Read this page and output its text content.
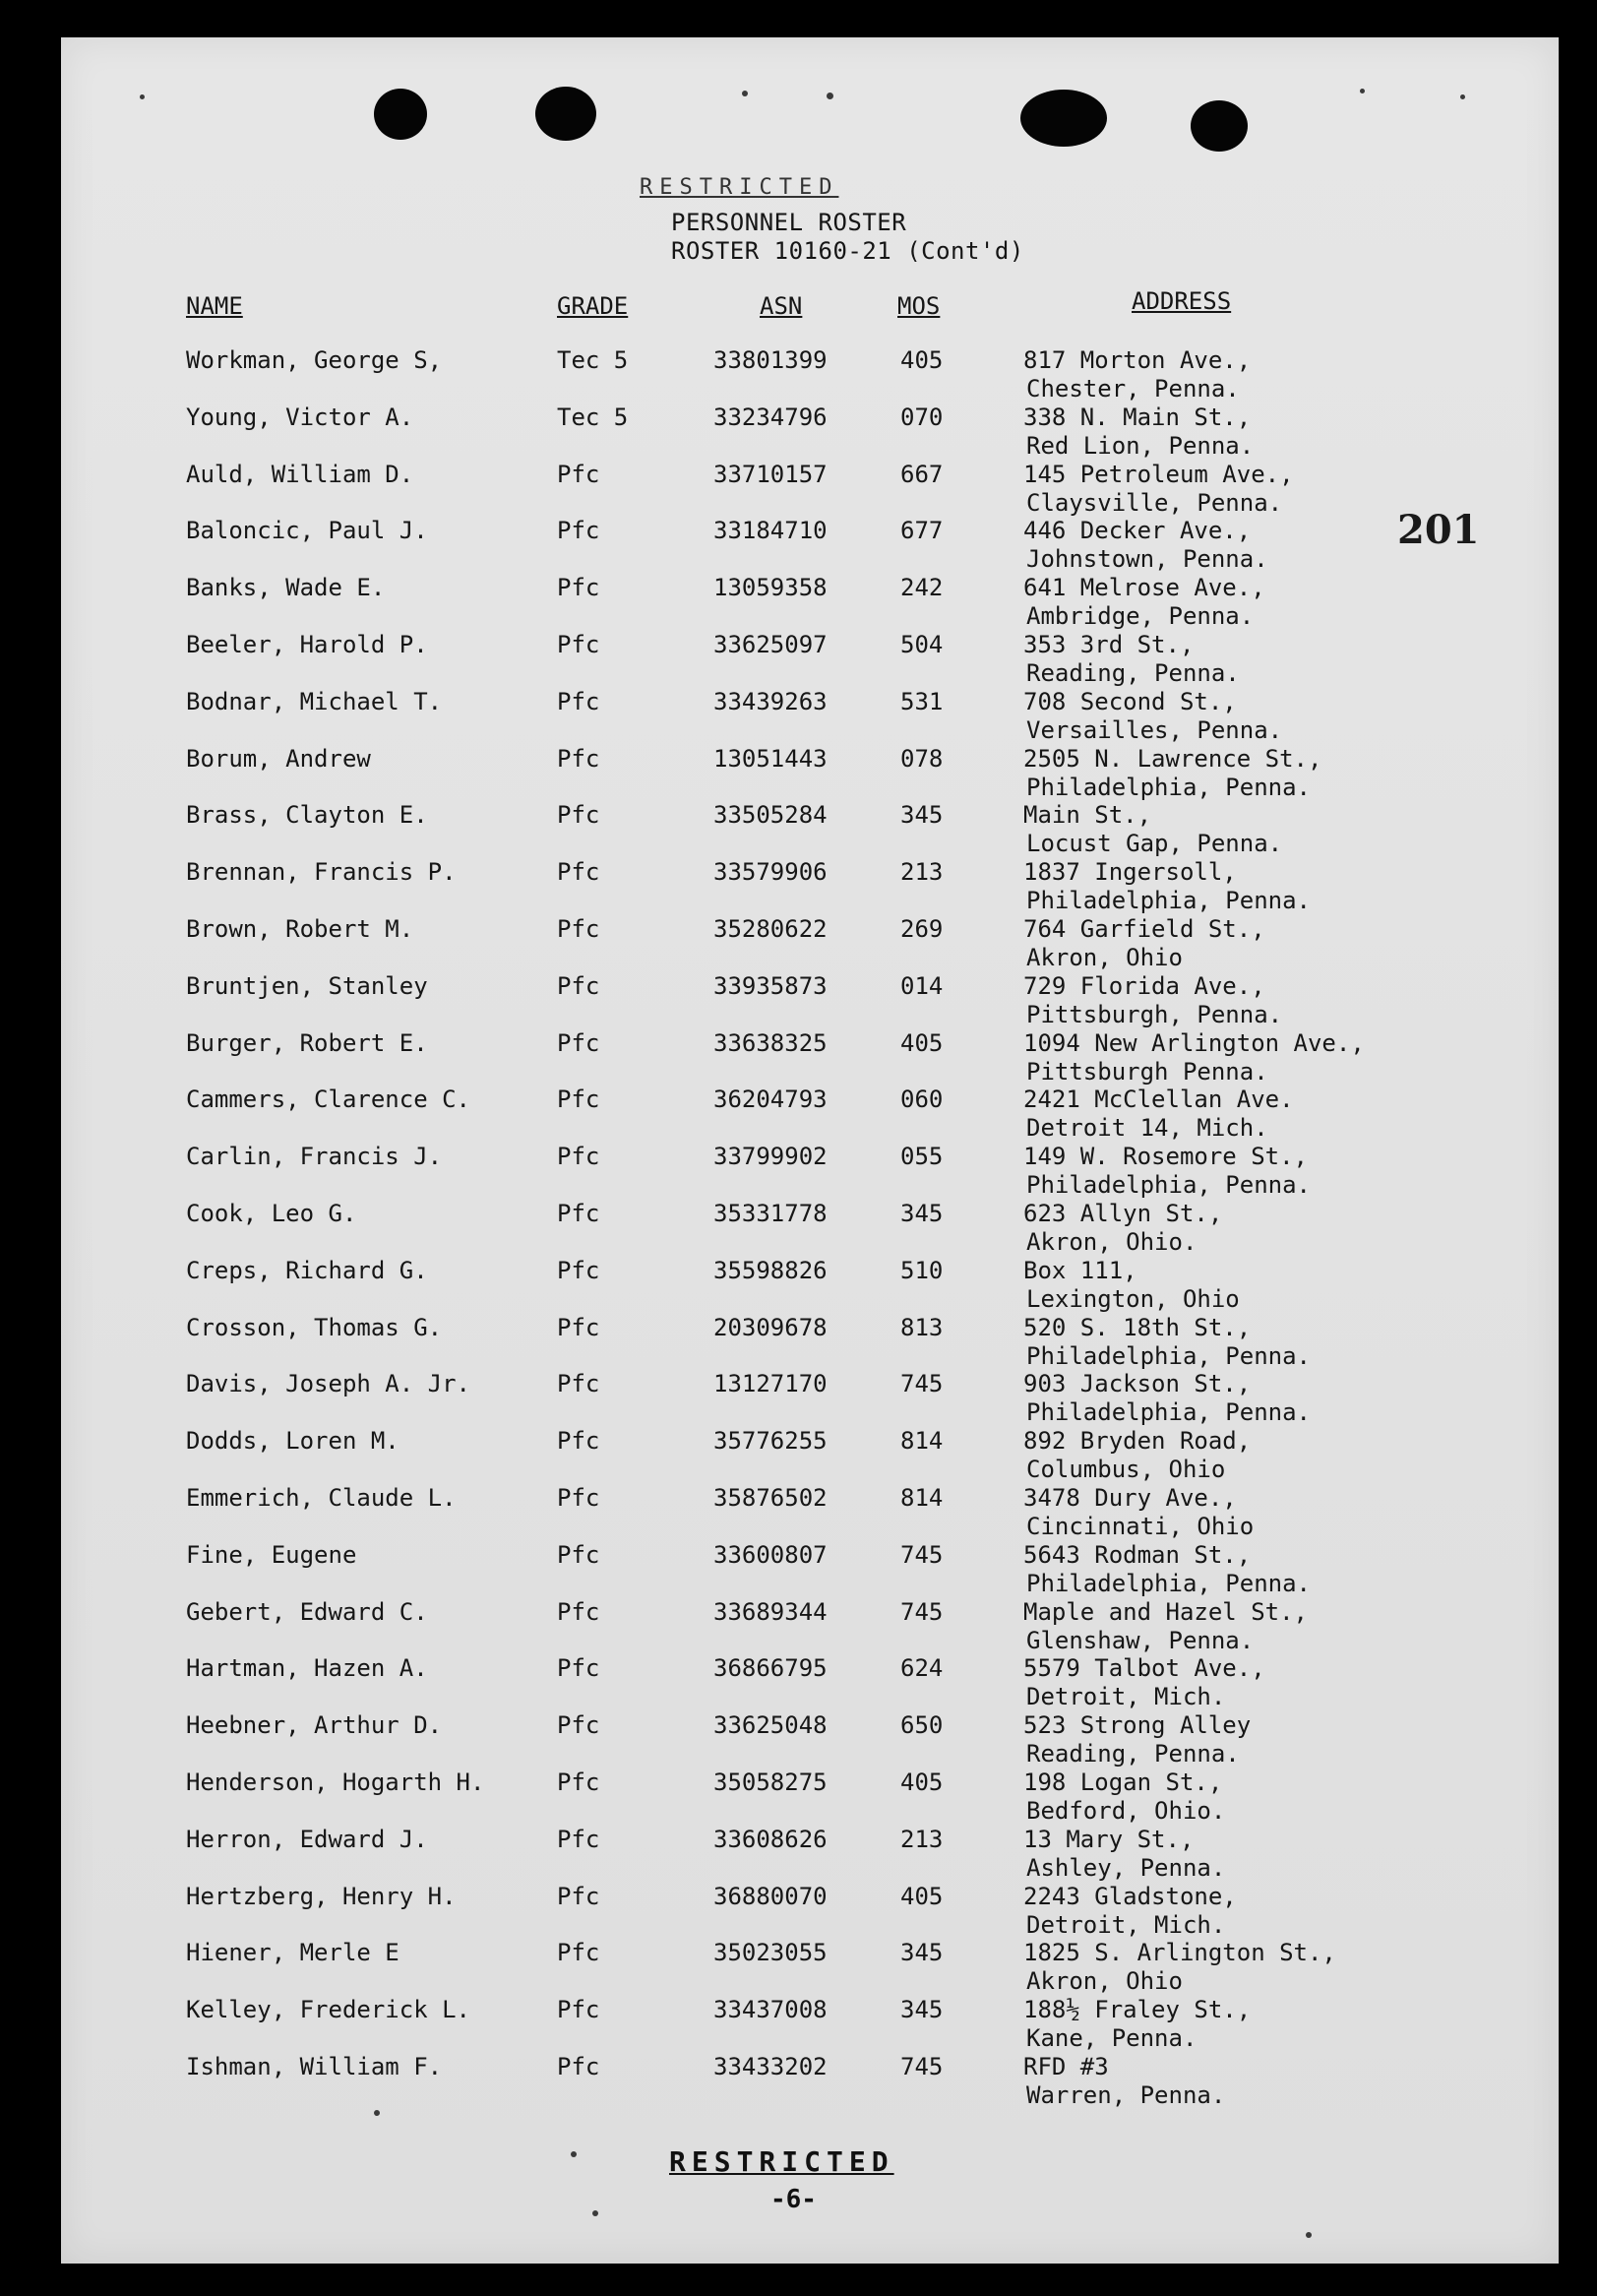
RESTRICTED
PERSONNEL ROSTER
ROSTER 10160-21 (Cont'd)
NAME	GRADE	ASN	MOS	ADDRESS
201
Workman, George S,	Tec 5	33801399	405	817 Morton Ave.,
Chester, Penna.
Young, Victor A.	Tec 5	33234796	070	338 N. Main St.,
Red Lion, Penna.
Auld, William D.	Pfc	33710157	667	145 Petroleum Ave.,
Claysville, Penna.
Baloncic, Paul J.	Pfc	33184710	677	446 Decker Ave.,
Johnstown, Penna.
Banks, Wade E.	Pfc	13059358	242	641 Melrose Ave.,
Ambridge, Penna.
Beeler, Harold P.	Pfc	33625097	504	353 3rd St.,
Reading, Penna.
Bodnar, Michael T.	Pfc	33439263	531	708 Second St.,
Versailles, Penna.
Borum, Andrew	Pfc	13051443	078	2505 N. Lawrence St.,
Philadelphia, Penna.
Brass, Clayton E.	Pfc	33505284	345	Main St.,
Locust Gap, Penna.
Brennan, Francis P.	Pfc	33579906	213	1837 Ingersoll,
Philadelphia, Penna.
Brown, Robert M.	Pfc	35280622	269	764 Garfield St.,
Akron, Ohio
Bruntjen, Stanley	Pfc	33935873	014	729 Florida Ave.,
Pittsburgh, Penna.
Burger, Robert E.	Pfc	33638325	405	1094 New Arlington Ave.,
Pittsburgh Penna.
Cammers, Clarence C.	Pfc	36204793	060	2421 McClellan Ave.
Detroit 14, Mich.
Carlin, Francis J.	Pfc	33799902	055	149 W. Rosemore St.,
Philadelphia, Penna.
Cook, Leo G.	Pfc	35331778	345	623 Allyn St.,
Akron, Ohio.
Creps, Richard G.	Pfc	35598826	510	Box 111,
Lexington, Ohio
Crosson, Thomas G.	Pfc	20309678	813	520 S. 18th St.,
Philadelphia, Penna.
Davis, Joseph A. Jr.	Pfc	13127170	745	903 Jackson St.,
Philadelphia, Penna.
Dodds, Loren M.	Pfc	35776255	814	892 Bryden Road,
Columbus, Ohio
Emmerich, Claude L.	Pfc	35876502	814	3478 Dury Ave.,
Cincinnati, Ohio
Fine, Eugene	Pfc	33600807	745	5643 Rodman St.,
Philadelphia, Penna.
Gebert, Edward C.	Pfc	33689344	745	Maple and Hazel St.,
Glenshaw, Penna.
Hartman, Hazen A.	Pfc	36866795	624	5579 Talbot Ave.,
Detroit, Mich.
Heebner, Arthur D.	Pfc	33625048	650	523 Strong Alley
Reading, Penna.
Henderson, Hogarth H.	Pfc	35058275	405	198 Logan St.,
Bedford, Ohio.
Herron, Edward J.	Pfc	33608626	213	13 Mary St.,
Ashley, Penna.
Hertzberg, Henry H.	Pfc	36880070	405	2243 Gladstone,
Detroit, Mich.
Hiener, Merle E	Pfc	35023055	345	1825 S. Arlington St.,
Akron, Ohio
Kelley, Frederick L.	Pfc	33437008	345	188½ Fraley St.,
Kane, Penna.
Ishman, William F.	Pfc	33433202	745	RFD #3
Warren, Penna.
RESTRICTED
-6-
